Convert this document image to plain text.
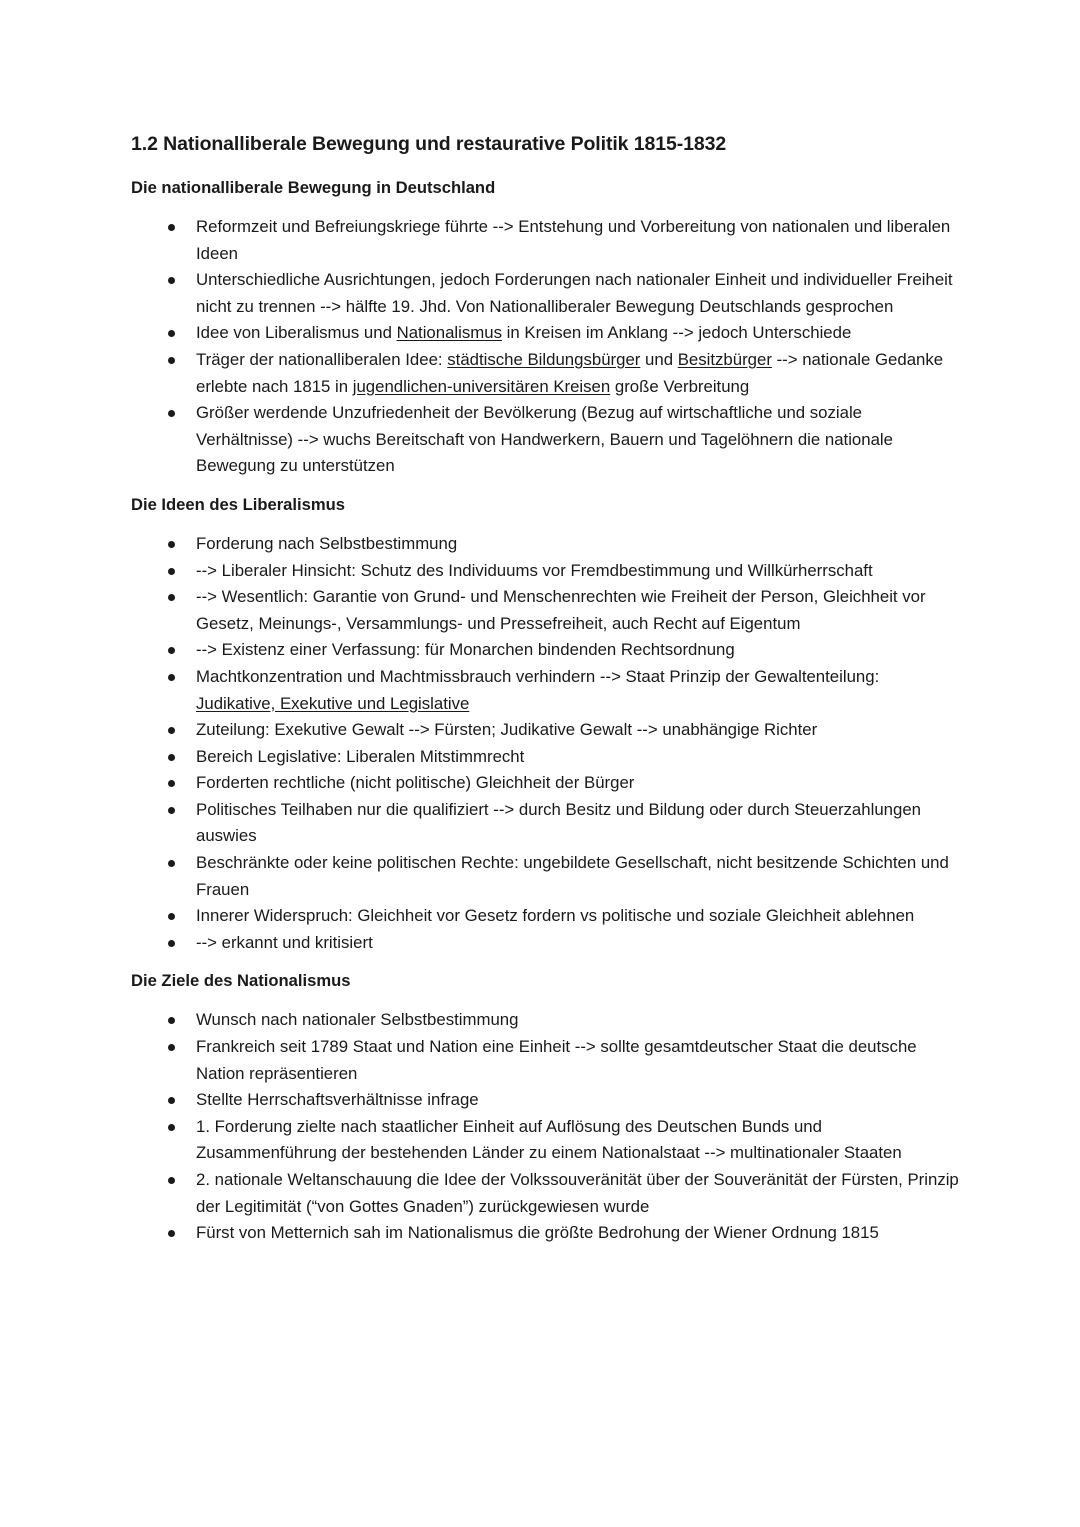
1.2 Nationalliberale Bewegung und restaurative Politik 1815-1832
Die nationalliberale Bewegung in Deutschland
Reformzeit und Befreiungskriege führte --> Entstehung und Vorbereitung von nationalen und liberalen Ideen
Unterschiedliche Ausrichtungen, jedoch Forderungen nach nationaler Einheit und individueller Freiheit nicht zu trennen --> hälfte 19. Jhd. Von Nationalliberaler Bewegung Deutschlands gesprochen
Idee von Liberalismus und Nationalismus in Kreisen im Anklang --> jedoch Unterschiede
Träger der nationalliberalen Idee: städtische Bildungsbürger und Besitzbürger --> nationale Gedanke erlebte nach 1815 in jugendlichen-universitären Kreisen große Verbreitung
Größer werdende Unzufriedenheit der Bevölkerung (Bezug auf wirtschaftliche und soziale Verhältnisse) --> wuchs Bereitschaft von Handwerkern, Bauern und Tagelöhnern die nationale Bewegung zu unterstützen
Die Ideen des Liberalismus
Forderung nach Selbstbestimmung
--> Liberaler Hinsicht: Schutz des Individuums vor Fremdbestimmung und Willkürherrschaft
--> Wesentlich: Garantie von Grund- und Menschenrechten wie Freiheit der Person, Gleichheit vor Gesetz, Meinungs-, Versammlungs- und Pressefreiheit, auch Recht auf Eigentum
--> Existenz einer Verfassung: für Monarchen bindenden Rechtsordnung
Machtkonzentration und Machtmissbrauch verhindern --> Staat Prinzip der Gewaltenteilung: Judikative, Exekutive und Legislative
Zuteilung: Exekutive Gewalt --> Fürsten; Judikative Gewalt --> unabhängige Richter
Bereich Legislative: Liberalen Mitstimmrecht
Forderten rechtliche (nicht politische) Gleichheit der Bürger
Politisches Teilhaben nur die qualifiziert --> durch Besitz und Bildung oder durch Steuerzahlungen auswies
Beschränkte oder keine politischen Rechte: ungebildete Gesellschaft, nicht besitzende Schichten und Frauen
Innerer Widerspruch: Gleichheit vor Gesetz fordern vs politische und soziale Gleichheit ablehnen
--> erkannt und kritisiert
Die Ziele des Nationalismus
Wunsch nach nationaler Selbstbestimmung
Frankreich seit 1789 Staat und Nation eine Einheit --> sollte gesamtdeutscher Staat die deutsche Nation repräsentieren
Stellte Herrschaftsverhältnisse infrage
1. Forderung zielte nach staatlicher Einheit auf Auflösung des Deutschen Bunds und Zusammenführung der bestehenden Länder zu einem Nationalstaat --> multinationaler Staaten
2. nationale Weltanschauung die Idee der Volkssouveränität über der Souveränität der Fürsten, Prinzip der Legitimität (“von Gottes Gnaden”) zurückgewiesen wurde
Fürst von Metternich sah im Nationalismus die größte Bedrohung der Wiener Ordnung 1815
